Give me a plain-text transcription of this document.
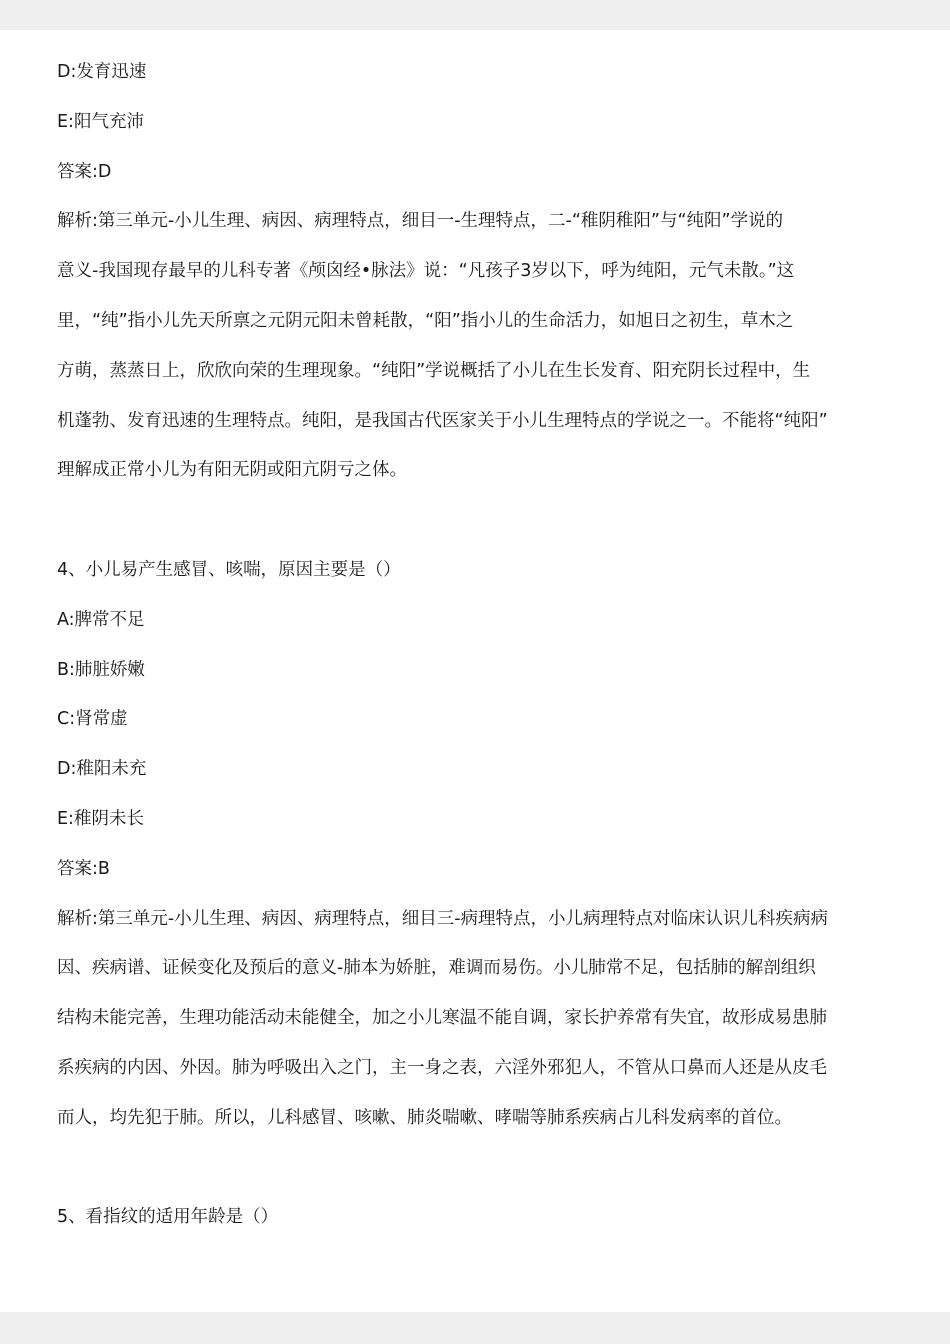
D:发育迅速
E:阳气充沛
答案:D
解析:第三单元-小儿生理、病因、病理特点，细目一-生理特点，二-“稚阴稚阳”与“纯阳”学说的
意义-我国现存最早的儿科专著《颅囟经•脉法》说：“凡孩子3岁以下，呼为纯阳，元气未散。”这
里，“纯”指小儿先天所禀之元阴元阳未曾耗散，“阳”指小儿的生命活力，如旭日之初生，草木之
方萌，蒸蒸日上，欣欣向荣的生理现象。“纯阳”学说概括了小儿在生长发育、阳充阴长过程中，生
机蓬勃、发育迅速的生理特点。纯阳，是我国古代医家关于小儿生理特点的学说之一。不能将“纯阳”
理解成正常小儿为有阳无阴或阳亢阴亏之体。
4、小儿易产生感冒、咳喘，原因主要是（）
A:脾常不足
B:肺脏娇嫩
C:肾常虚
D:稚阳未充
E:稚阴未长
答案:B
解析:第三单元-小儿生理、病因、病理特点，细目三-病理特点，小儿病理特点对临床认识儿科疾病病
因、疾病谱、证候变化及预后的意义-肺本为娇脏，难调而易伤。小儿肺常不足，包括肺的解剖组织
结构未能完善，生理功能活动未能健全，加之小儿寒温不能自调，家长护养常有失宜，故形成易患肺
系疾病的内因、外因。肺为呼吸出入之门，主一身之表，六淫外邪犯人，不管从口鼻而人还是从皮毛
而人，均先犯于肺。所以，儿科感冒、咳嗽、肺炎喘嗽、哮喘等肺系疾病占儿科发病率的首位。
5、看指纹的适用年龄是（）
